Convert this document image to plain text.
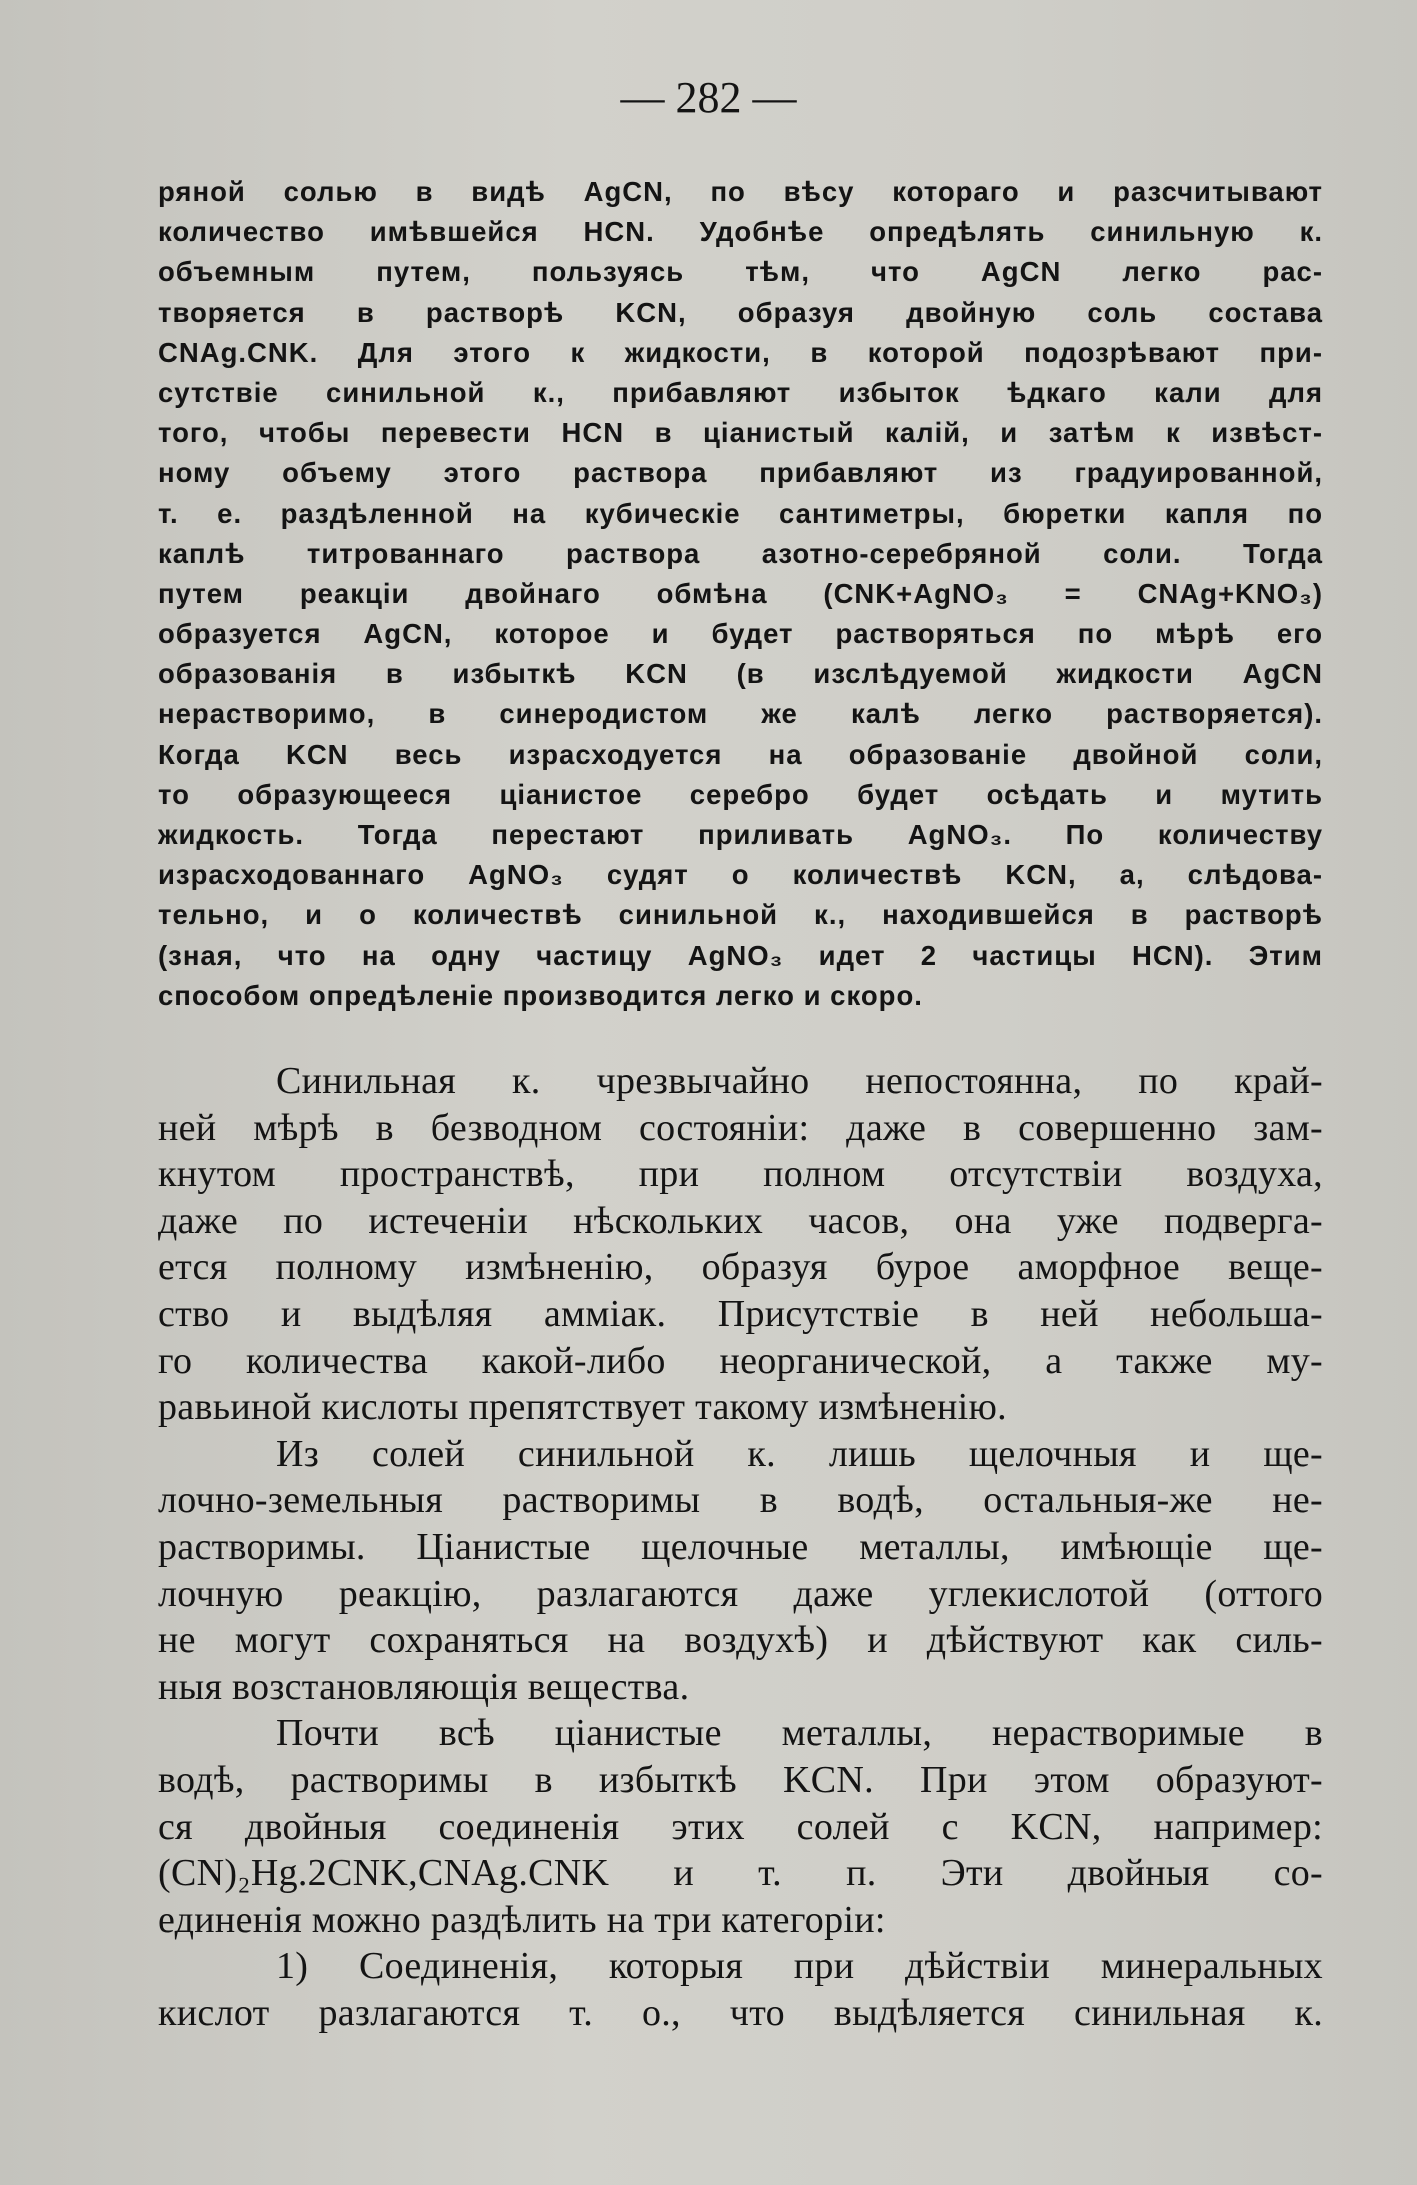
— 282 —
ряной солью в видѣ AgCN, по вѣсу котораго и разсчитывают
количество имѣвшейся HCN. Удобнѣе опредѣлять синильную к.
объемным путем, пользуясь тѣм, что AgCN легко рас-
творяется в растворѣ KCN, образуя двойную соль состава
CNAg.CNK. Для этого к жидкости, в которой подозрѣвают при-
сутствіе синильной к., прибавляют избыток ѣдкаго кали для
того, чтобы перевести HCN в ціанистый калій, и затѣм к извѣст-
ному объему этого раствора прибавляют из градуированной,
т. е. раздѣленной на кубическіе сантиметры, бюретки капля по
каплѣ титрованнаго раствора азотно-серебряной соли. Тогда
путем реакціи двойнаго обмѣна (CNK+AgNO₃ = CNAg+KNO₃)
образуется AgCN, которое и будет растворяться по мѣрѣ его
образованія в избыткѣ KCN (в изслѣдуемой жидкости AgCN
нерастворимо, в синеродистом же калѣ легко растворяется).
Когда KCN весь израсходуется на образованіе двойной соли,
то образующееся ціанистое серебро будет осѣдать и мутить
жидкость. Тогда перестают приливать AgNO₃. По количеству
израсходованнаго AgNO₃ судят о количествѣ KCN, а, слѣдова-
тельно, и о количествѣ синильной к., находившейся в растворѣ
(зная, что на одну частицу AgNO₃ идет 2 частицы HCN). Этим
способом опредѣленіе производится легко и скоро.
Синильная к. чрезвычайно непостоянна, по край-
ней мѣрѣ в безводном состояніи: даже в совершенно зам-
кнутом пространствѣ, при полном отсутствіи воздуха,
даже по истеченіи нѣскольких часов, она уже подверга-
ется полному измѣненію, образуя бурое аморфное веще-
ство и выдѣляя аммiак. Присутствіе в ней небольша-
го количества какой-либо неорганической, а также му-
равьиной кислоты препятствует такому измѣненію.
Из солей синильной к. лишь щелочныя и ще-
лочно-земельныя растворимы в водѣ, остальныя-же не-
растворимы. Ціанистые щелочные металлы, имѣющіе ще-
лочную реакцію, разлагаются даже углекислотой (оттого
не могут сохраняться на воздухѣ) и дѣйствуют как силь-
ныя возстановляющія вещества.
Почти всѣ ціанистые металлы, нерастворимые в
водѣ, растворимы в избыткѣ KCN. При этом образуют-
ся двойныя соединенія этих солей с KCN, например:
(CN)₂Hg.2CNK,CNAg.CNK и т. п. Эти двойныя со-
единенія можно раздѣлить на три категоріи:
1) Соединенія, которыя при дѣйствіи минеральных
кислот разлагаются т. о., что выдѣляется синильная к.
